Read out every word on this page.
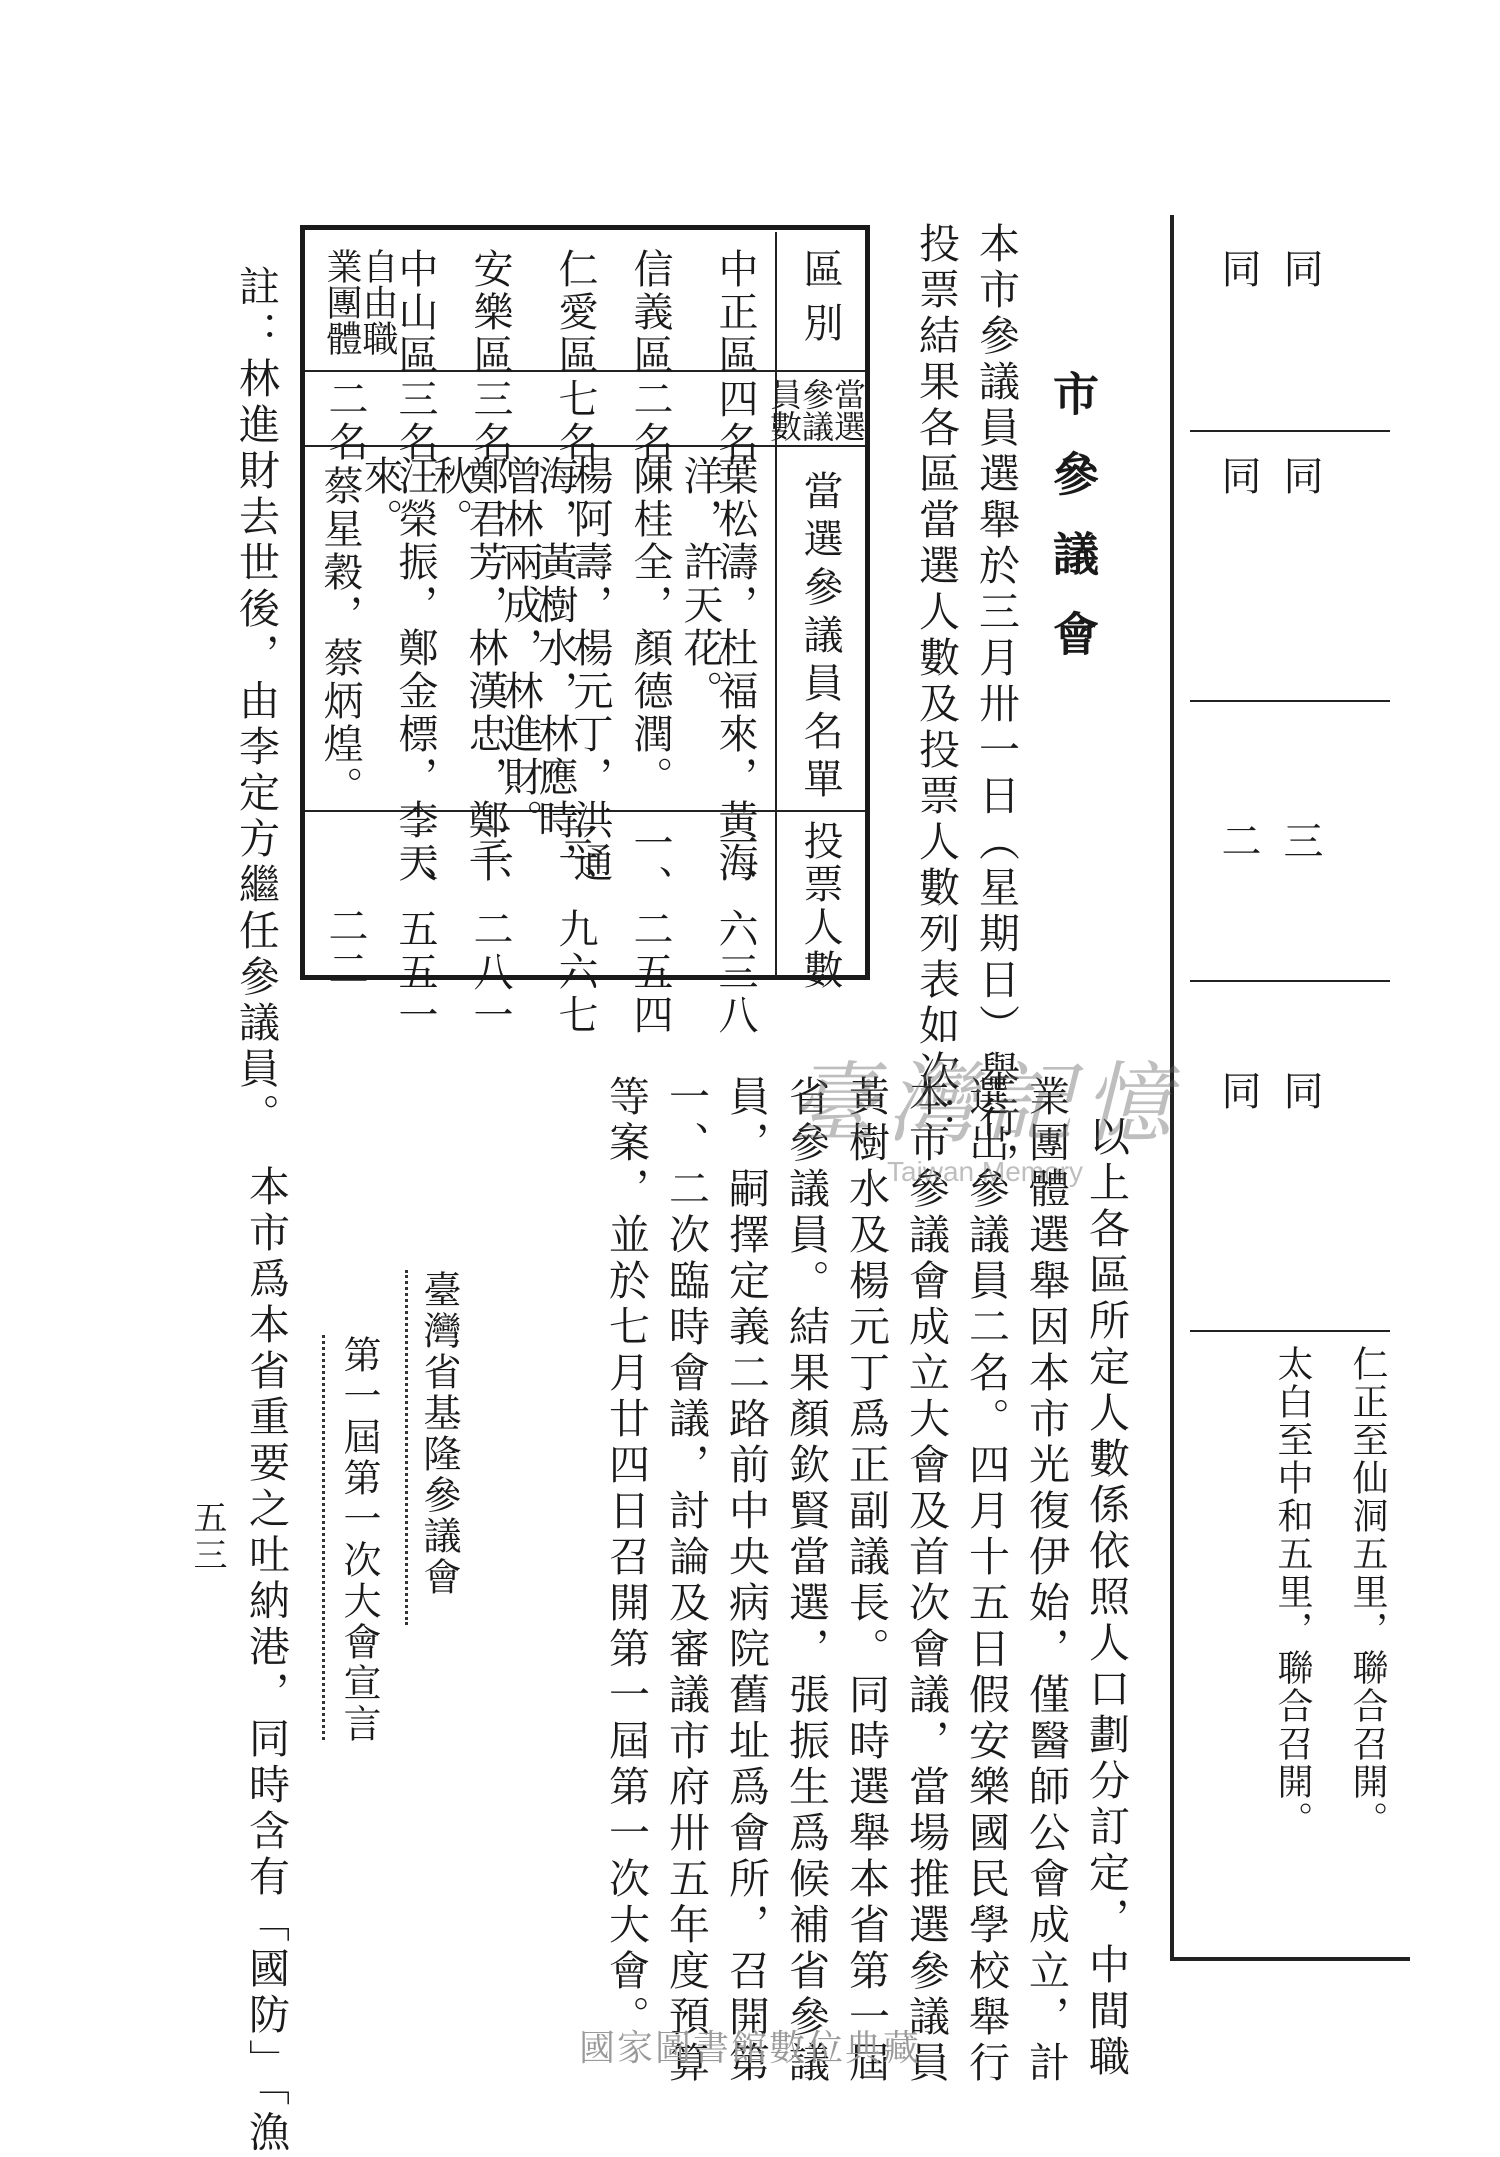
同
同
同
同
三
二
同
同
仁正至仙洞五里，聯合召開。
太白至中和五里，聯合召開。
市參議會
本市參議員選舉於三月卅一日（星期日）舉行，
投票結果各區當選人數及投票人數列表如次：
區別
當選參議員數
當選參議員名單
投票人數
中正區
四名
葉松濤，杜福來，黃海
洋，許天花。
一、六三八
信義區
二名
陳桂全，顏德潤。
一、二五四
仁愛區
七名
楊阿壽，楊元丁，洪通
海，黃樹水，林應時，
曾林兩成，林進財。
三、九六七
安樂區
三名
鄭君芳，林漢忠，鄭千
秋。
三、二八一
中山區
三名
汪榮振，鄭金標，李天
來。
二、五五一
自由職業團體
二名
蔡星穀，蔡炳煌。
二二
註：林進財去世後，由李定方繼任參議員。
以上各區所定人數係依照人口劃分訂定，中間職
業團體選舉因本市光復伊始，僅醫師公會成立，計
選出參議員二名。四月十五日假安樂國民學校舉行
本市參議會成立大會及首次會議，當場推選參議員
黃樹水及楊元丁爲正副議長。同時選舉本省第一屆
省參議員。結果顏欽賢當選，張振生爲候補省參議
員，嗣擇定義二路前中央病院舊址爲會所，召開第
一、二次臨時會議，討論及審議市府卅五年度預算
等案，並於七月廿四日召開第一屆第一次大會。
臺灣省基隆參議會
第一屆第一次大會宣言
五三 本市爲本省重要之吐納港，同時含有「國防」「漁
臺灣記憶
Taiwan Memory
國家圖書館數位典藏
